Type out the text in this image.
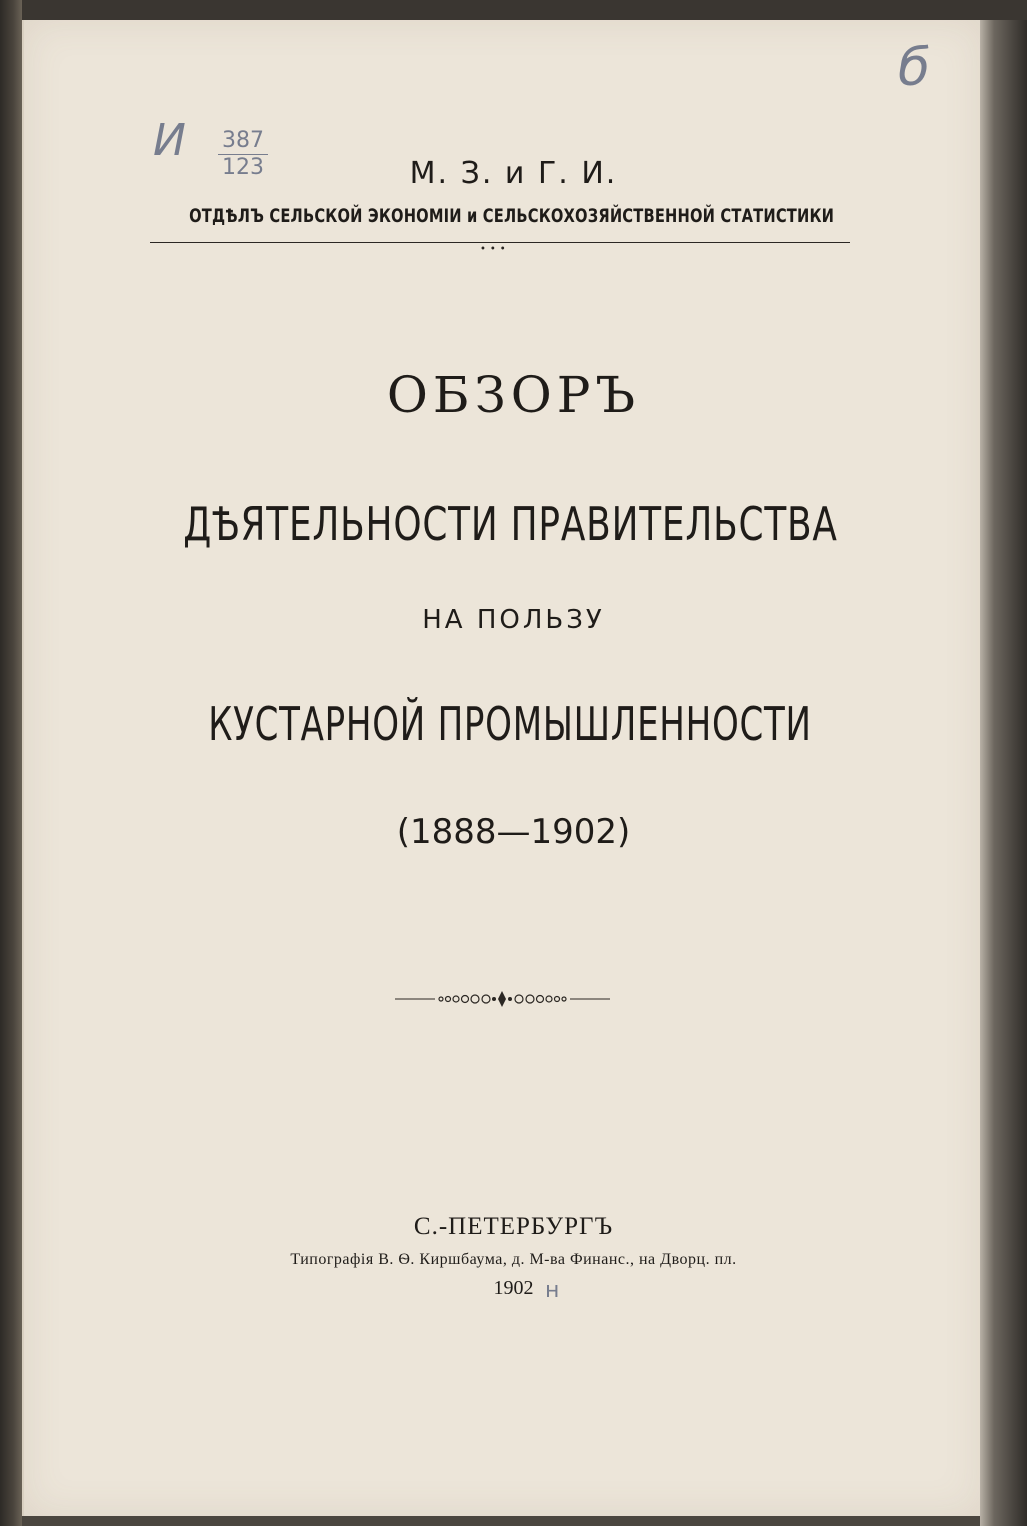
И $\frac{387}{123}$
б
М. З. и Г. И.
ОТДѢЛЪ СЕЛЬСКОЙ ЭКОНОМІИ и СЕЛЬСКОХОЗЯЙСТВЕННОЙ СТАТИСТИКИ
•••
ОБЗОРЪ
ДѢЯТЕЛЬНОСТИ ПРАВИТЕЛЬСТВА
НА ПОЛЬЗУ
КУСТАРНОЙ ПРОМЫШЛЕННОСТИ
(1888—1902)
С.-ПЕТЕРБУРГЪ
Типографія В. Ѳ. Киршбаума, д. М-ва Финанс., на Дворц. пл.
1902 н
